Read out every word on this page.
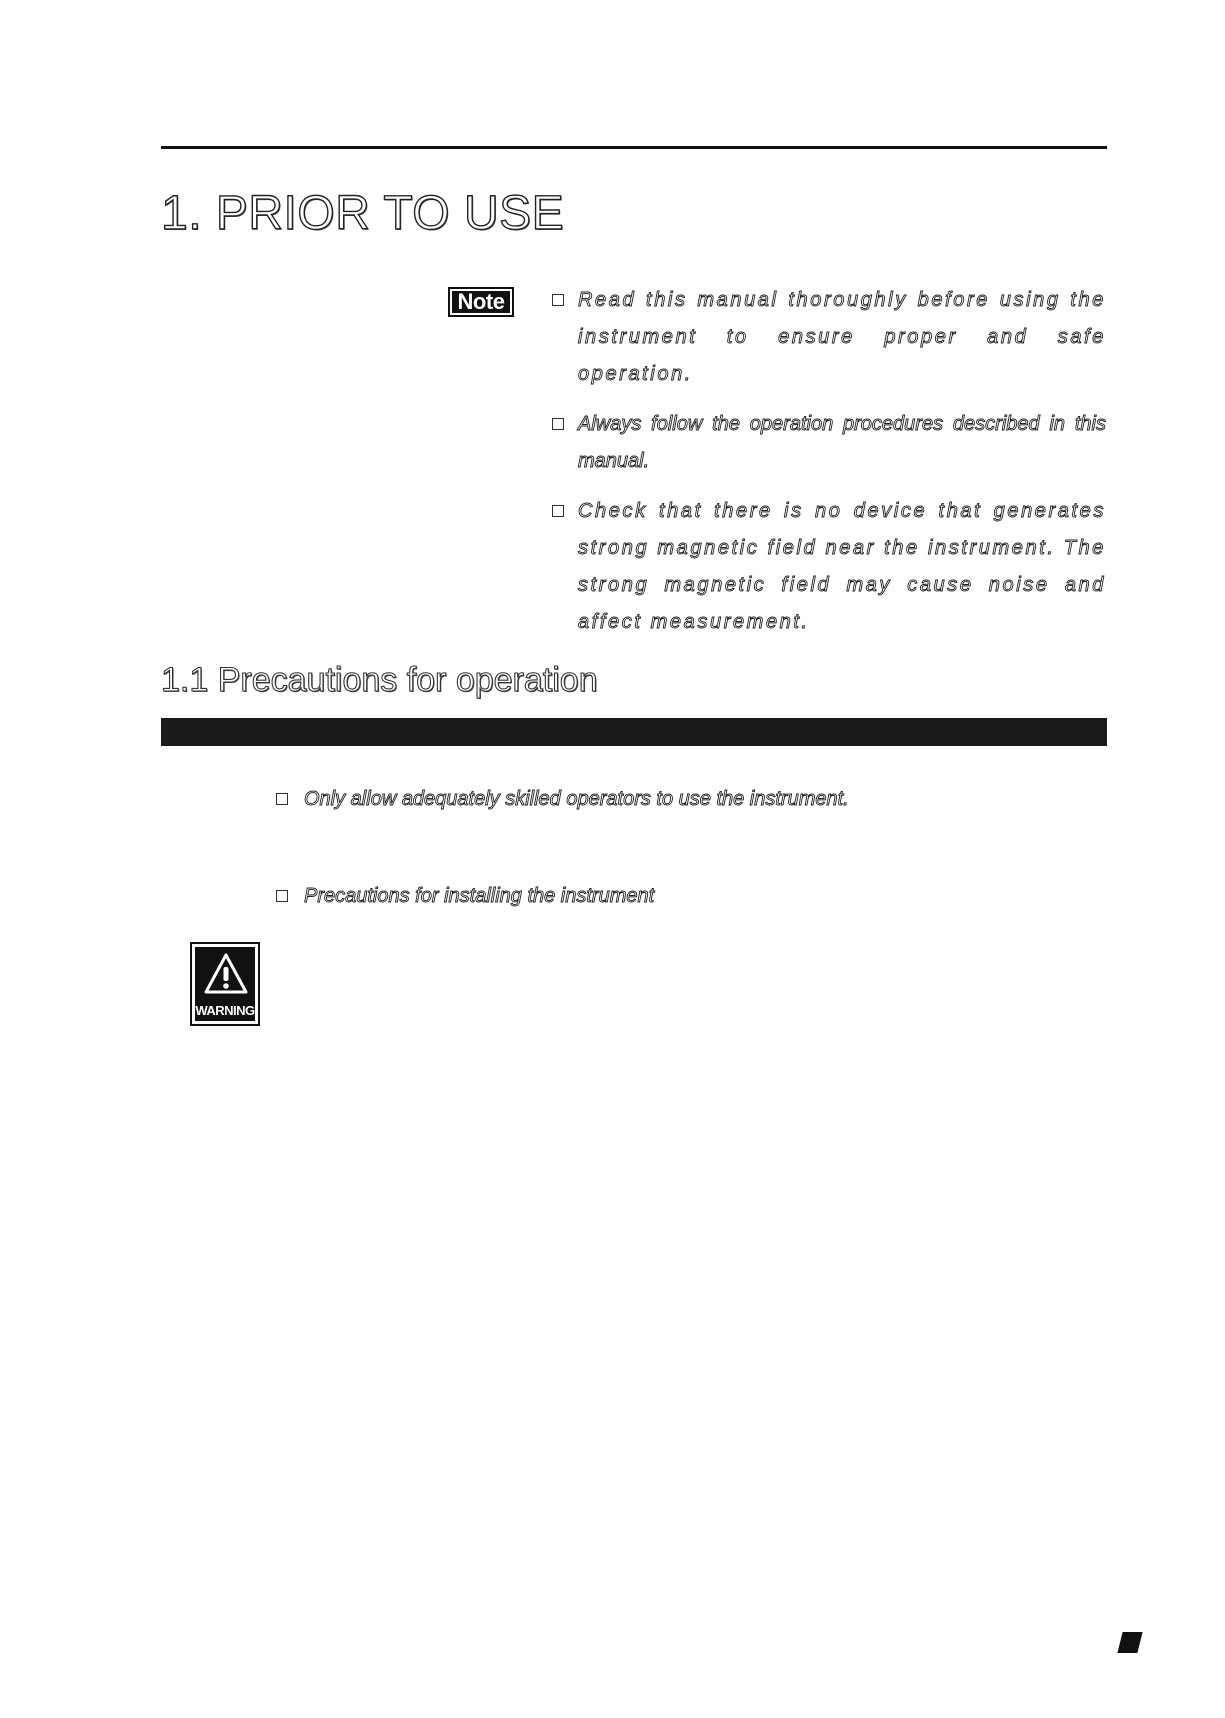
1. PRIOR TO USE
Note	Read this manual thoroughly before using the instrument to ensure proper and safe operation.
Always follow the operation procedures described in this manual.
Check that there is no device that generates strong magnetic field near the instrument. The strong magnetic field may cause noise and affect measurement.
1.1 Precautions for operation
Only allow adequately skilled operators to use the instrument.
Precautions for installing the instrument
WARNING
